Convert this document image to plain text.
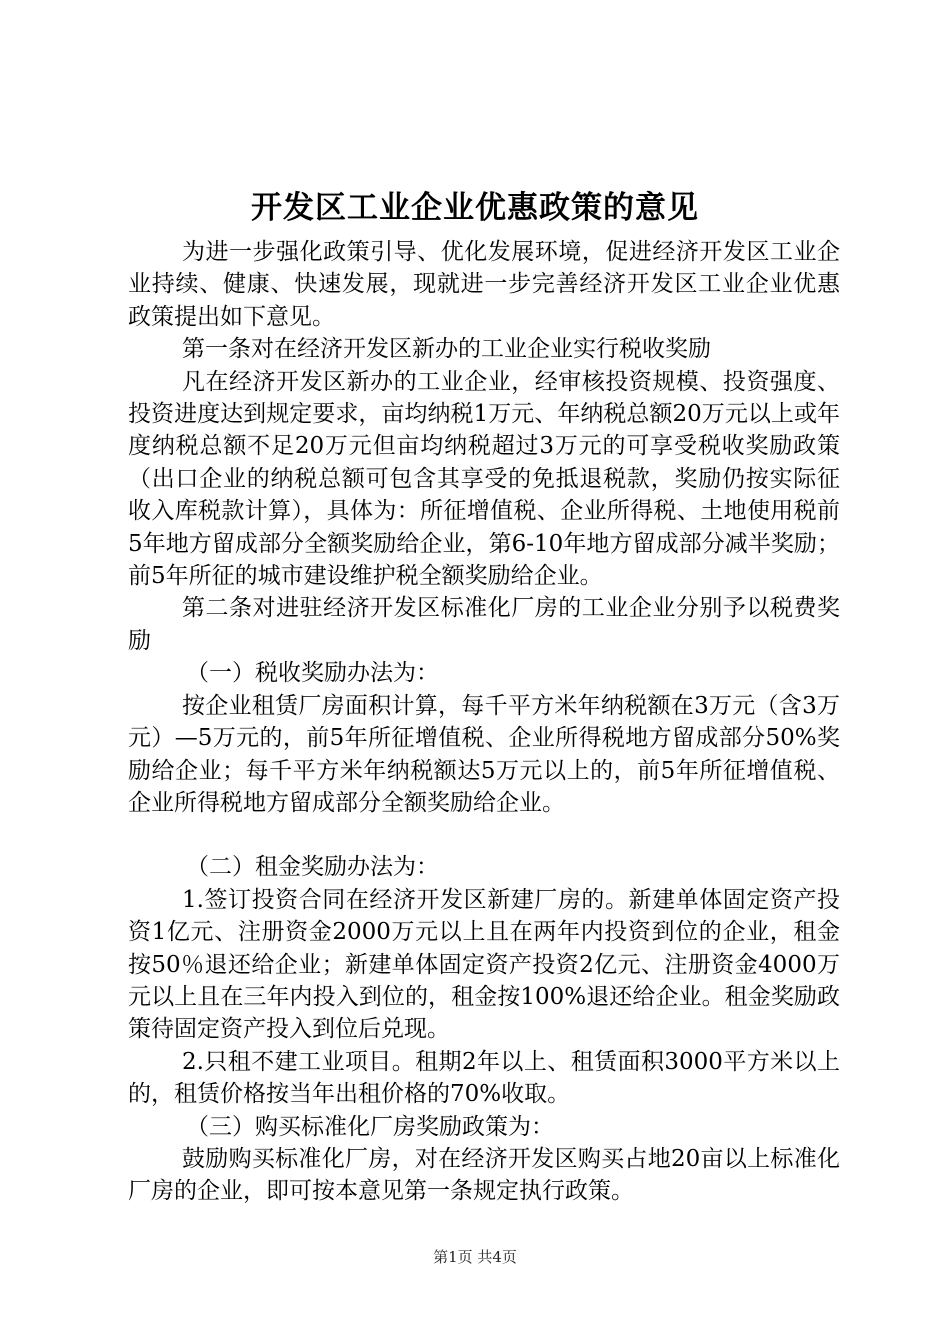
开发区工业企业优惠政策的意见

为进一步强化政策引导、优化发展环境，促进经济开发区工业企业持续、健康、快速发展，现就进一步完善经济开发区工业企业优惠政策提出如下意见。

第一条对在经济开发区新办的工业企业实行税收奖励

凡在经济开发区新办的工业企业，经审核投资规模、投资强度、投资进度达到规定要求，亩均纳税1万元、年纳税总额20万元以上或年度纳税总额不足20万元但亩均纳税超过3万元的可享受税收奖励政策（出口企业的纳税总额可包含其享受的免抵退税款，奖励仍按实际征收入库税款计算），具体为：所征增值税、企业所得税、土地使用税前5年地方留成部分全额奖励给企业，第6-10年地方留成部分减半奖励；前5年所征的城市建设维护税全额奖励给企业。

第二条对进驻经济开发区标准化厂房的工业企业分别予以税费奖励

（一）税收奖励办法为：

按企业租赁厂房面积计算，每千平方米年纳税额在3万元（含3万元）—5万元的，前5年所征增值税、企业所得税地方留成部分50%奖励给企业；每千平方米年纳税额达5万元以上的，前5年所征增值税、企业所得税地方留成部分全额奖励给企业。

（二）租金奖励办法为：

1.签订投资合同在经济开发区新建厂房的。新建单体固定资产投资1亿元、注册资金2000万元以上且在两年内投资到位的企业，租金按50％退还给企业；新建单体固定资产投资2亿元、注册资金4000万元以上且在三年内投入到位的，租金按100%退还给企业。租金奖励政策待固定资产投入到位后兑现。

2.只租不建工业项目。租期2年以上、租赁面积3000平方米以上的，租赁价格按当年出租价格的70%收取。

（三）购买标准化厂房奖励政策为：

鼓励购买标准化厂房，对在经济开发区购买占地20亩以上标准化厂房的企业，即可按本意见第一条规定执行政策。

第1页 共4页
